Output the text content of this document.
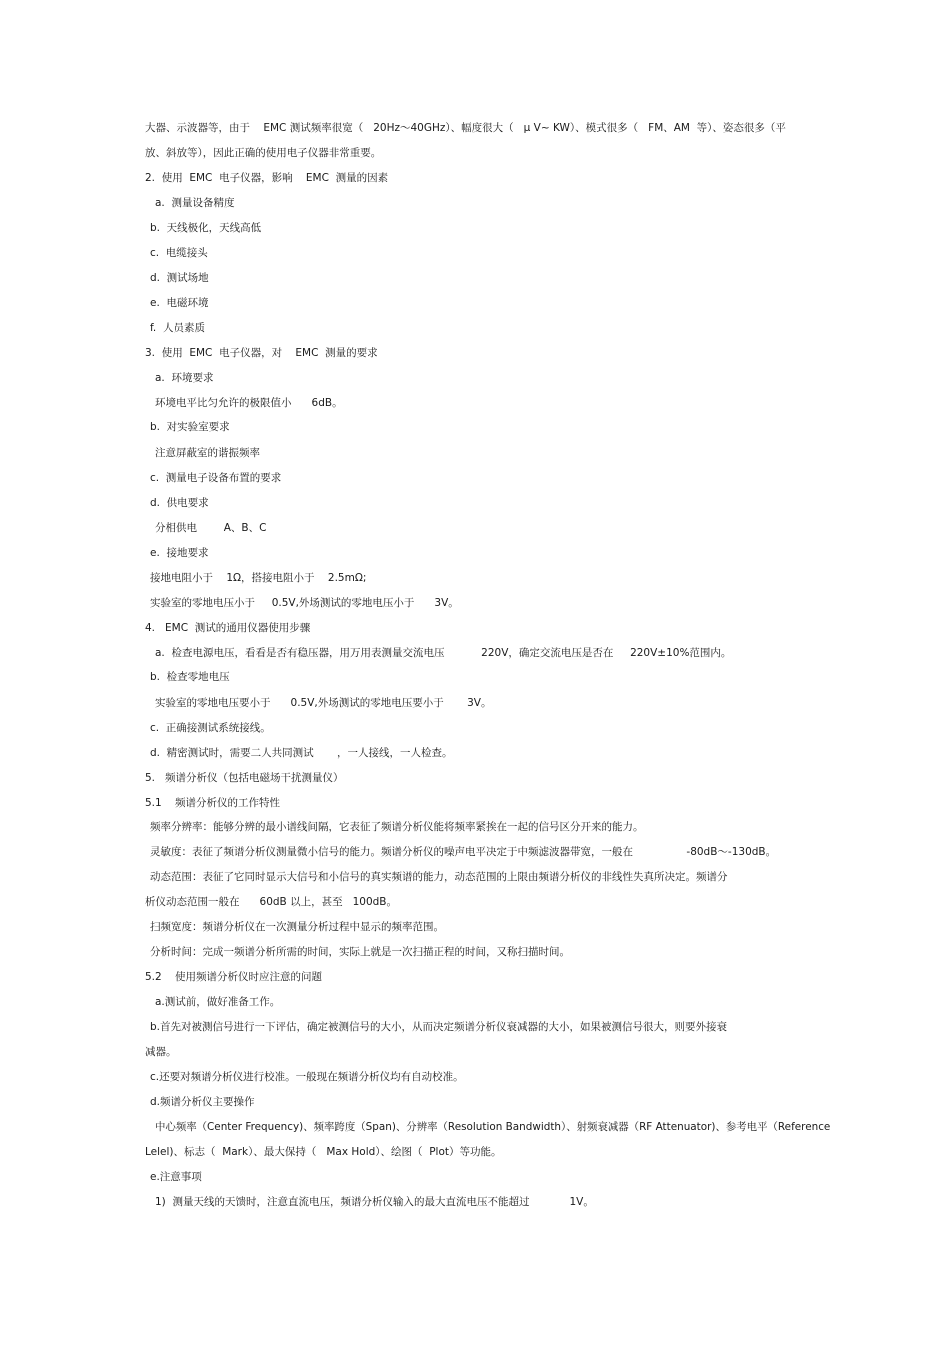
大器、示波器等，由于    EMC 测试频率很宽（   20Hz～40GHz）、幅度很大（   μ V~ KW）、模式很多（   FM、AM  等）、姿态很多（平
放、斜放等），因此正确的使用电子仪器非常重要。
2.  使用  EMC  电子仪器，影响    EMC  测量的因素
a.  测量设备精度
b.  天线极化，天线高低
c.  电缆接头
d.  测试场地
e.  电磁环境
f.  人员素质
3.  使用  EMC  电子仪器，对    EMC  测量的要求
a.  环境要求
环境电平比匀允许的极限值小      6dB。
b.  对实验室要求
注意屏蔽室的谐振频率
c.  测量电子设备布置的要求
d.  供电要求
分相供电        A、B、C
e.  接地要求
接地电阻小于    1Ω，搭接电阻小于    2.5mΩ;
实验室的零地电压小于     0.5V,外场测试的零地电压小于      3V。
4.   EMC  测试的通用仪器使用步骤
a.  检查电源电压，看看是否有稳压器，用万用表测量交流电压           220V，确定交流电压是否在     220V±10%范围内。
b.  检查零地电压
实验室的零地电压要小于      0.5V,外场测试的零地电压要小于       3V。
c.  正确接测试系统接线。
d.  精密测试时，需要二人共同测试       ，一人接线，一人检查。
5.   频谱分析仪（包括电磁场干扰测量仪）
5.1    频谱分析仪的工作特性
频率分辨率：能够分辨的最小谱线间隔，它表征了频谱分析仪能将频率紧挨在一起的信号区分开来的能力。
灵敏度：表征了频谱分析仪测量微小信号的能力。频谱分析仪的噪声电平决定于中频滤波器带宽，一般在                -80dB～-130dB。
动态范围：表征了它同时显示大信号和小信号的真实频谱的能力，动态范围的上限由频谱分析仪的非线性失真所决定。频谱分
析仪动态范围一般在      60dB 以上，甚至   100dB。
扫频宽度：频谱分析仪在一次测量分析过程中显示的频率范围。
分析时间：完成一频谱分析所需的时间，实际上就是一次扫描正程的时间，又称扫描时间。
5.2    使用频谱分析仪时应注意的问题
a.测试前，做好准备工作。
b.首先对被测信号进行一下评估，确定被测信号的大小，从而决定频谱分析仪衰减器的大小，如果被测信号很大，则要外接衰
减器。
c.还要对频谱分析仪进行校准。一般现在频谱分析仪均有自动校准。
d.频谱分析仪主要操作
中心频率（Center Frequency)、频率跨度（Span)、分辨率（Resolution Bandwidth）、射频衰减器（RF Attenuator)、参考电平（Reference
Lelel)、标志（  Mark）、最大保持（   Max Hold）、绘图（  Plot）等功能。
e.注意事项
1)  测量天线的天馈时，注意直流电压，频谱分析仪输入的最大直流电压不能超过            1V。
